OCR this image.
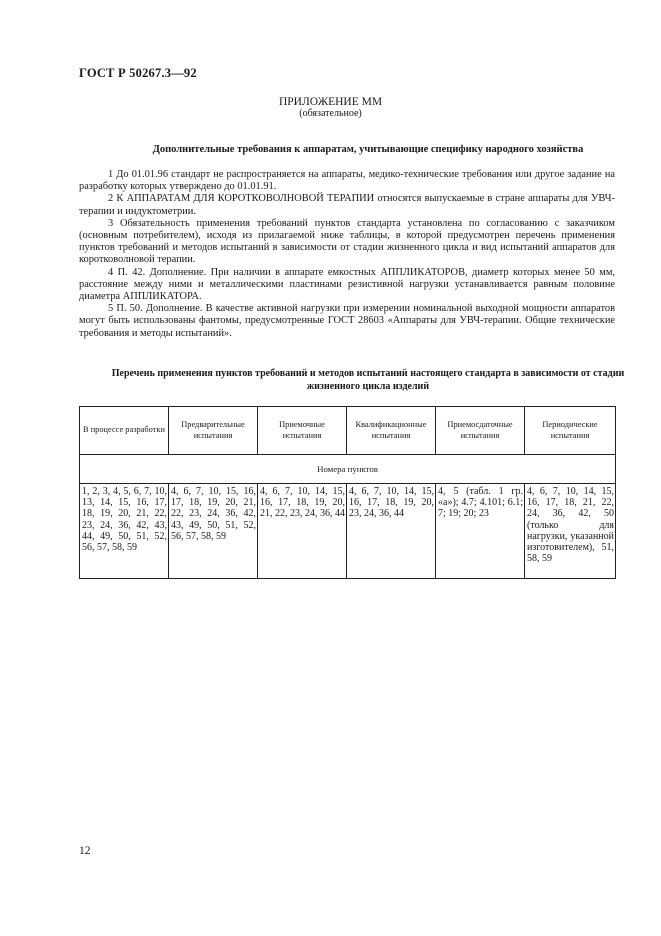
ГОСТ Р 50267.3—92
ПРИЛОЖЕНИЕ ММ
(обязательное)
Дополнительные требования к аппаратам, учитывающие специфику народного хозяйства

1 До 01.01.96 стандарт не распространяется на аппараты, медико-технические требования или другое задание на разработку которых утверждено до 01.01.91.

2 К АППАРАТАМ ДЛЯ КОРОТКОВОЛНОВОЙ ТЕРАПИИ относятся выпускаемые в стране аппараты для УВЧ-терапии и индуктометрии.

3 Обязательность применения требований пунктов стандарта установлена по согласованию с заказчиком (основным потребителем), исходя из прилагаемой ниже таблицы, в которой предусмотрен перечень применения пунктов требований и методов испытаний в зависимости от стадии жизненного цикла и вид испытаний аппаратов для коротковолновой терапии.

4 П. 42. Дополнение. При наличии в аппарате емкостных АППЛИКАТОРОВ, диаметр которых менее 50 мм, расстояние между ними и металлическими пластинами резистивной нагрузки устанавливается равным половине диаметра АППЛИКАТОРА.

5 П. 50. Дополнение. В качестве активной нагрузки при измерении номинальной выходной мощности аппаратов могут быть использованы фантомы, предусмотренные ГОСТ 28603 «Аппараты для УВЧ-терапии. Общие технические требования и методы испытаний».

Перечень применения пунктов требований и методов испытаний настоящего стандарта в зависимости от стадии
жизненного цикла изделий
В процессе разработки	Предварительные испытания	Приемочные испытания	Квалификационные испытания	Приемосдаточные испытания	Периодические испытания
Номера пунктов					
1, 2, 3, 4, 5, 6, 7, 10, 13, 14, 15, 16, 17, 18, 19, 20, 21, 22, 23, 24, 36, 42, 43, 44, 49, 50, 51, 52, 56, 57, 58, 59	4, 6, 7, 10, 15, 16, 17, 18, 19, 20, 21, 22, 23, 24, 36, 42, 43, 49, 50, 51, 52, 56, 57, 58, 59	4, 6, 7, 10, 14, 15, 16, 17, 18, 19, 20, 21, 22, 23, 24, 36, 44	4, 6, 7, 10, 14, 15, 16, 17, 18, 19, 20, 23, 24, 36, 44	4, 5 (табл. 1 гр. «а»); 4.7; 4.101; 6.1; 7; 19; 20; 23	4, 6, 7, 10, 14, 15, 16, 17, 18, 21, 22, 24, 36, 42, 50 (только для нагрузки, указанной изготовителем), 51, 58, 59
12
